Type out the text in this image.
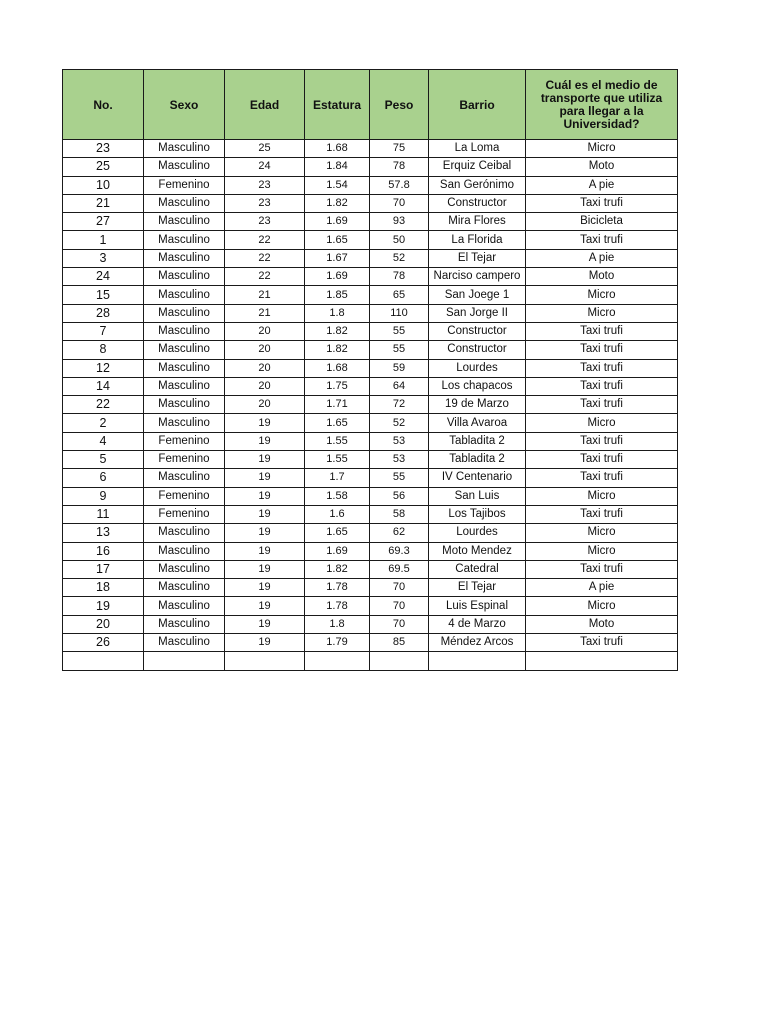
No.	Sexo	Edad	Estatura	Peso	Barrio	Cuál es el medio de transporte que utiliza para llegar a la Universidad?
23	Masculino	25	1.68	75	La Loma	Micro
25	Masculino	24	1.84	78	Erquiz Ceibal	Moto
10	Femenino	23	1.54	57.8	San Gerónimo	A pie
21	Masculino	23	1.82	70	Constructor	Taxi trufi
27	Masculino	23	1.69	93	Mira Flores	Bicicleta
1	Masculino	22	1.65	50	La Florida	Taxi trufi
3	Masculino	22	1.67	52	El Tejar	A pie
24	Masculino	22	1.69	78	Narciso campero	Moto
15	Masculino	21	1.85	65	San Joege 1	Micro
28	Masculino	21	1.8	110	San Jorge II	Micro
7	Masculino	20	1.82	55	Constructor	Taxi trufi
8	Masculino	20	1.82	55	Constructor	Taxi trufi
12	Masculino	20	1.68	59	Lourdes	Taxi trufi
14	Masculino	20	1.75	64	Los chapacos	Taxi trufi
22	Masculino	20	1.71	72	19 de Marzo	Taxi trufi
2	Masculino	19	1.65	52	Villa Avaroa	Micro
4	Femenino	19	1.55	53	Tabladita 2	Taxi trufi
5	Femenino	19	1.55	53	Tabladita 2	Taxi trufi
6	Masculino	19	1.7	55	IV Centenario	Taxi trufi
9	Femenino	19	1.58	56	San Luis	Micro
11	Femenino	19	1.6	58	Los Tajibos	Taxi trufi
13	Masculino	19	1.65	62	Lourdes	Micro
16	Masculino	19	1.69	69.3	Moto Mendez	Micro
17	Masculino	19	1.82	69.5	Catedral	Taxi trufi
18	Masculino	19	1.78	70	El Tejar	A pie
19	Masculino	19	1.78	70	Luis Espinal	Micro
20	Masculino	19	1.8	70	4 de Marzo	Moto
26	Masculino	19	1.79	85	Méndez Arcos	Taxi trufi
